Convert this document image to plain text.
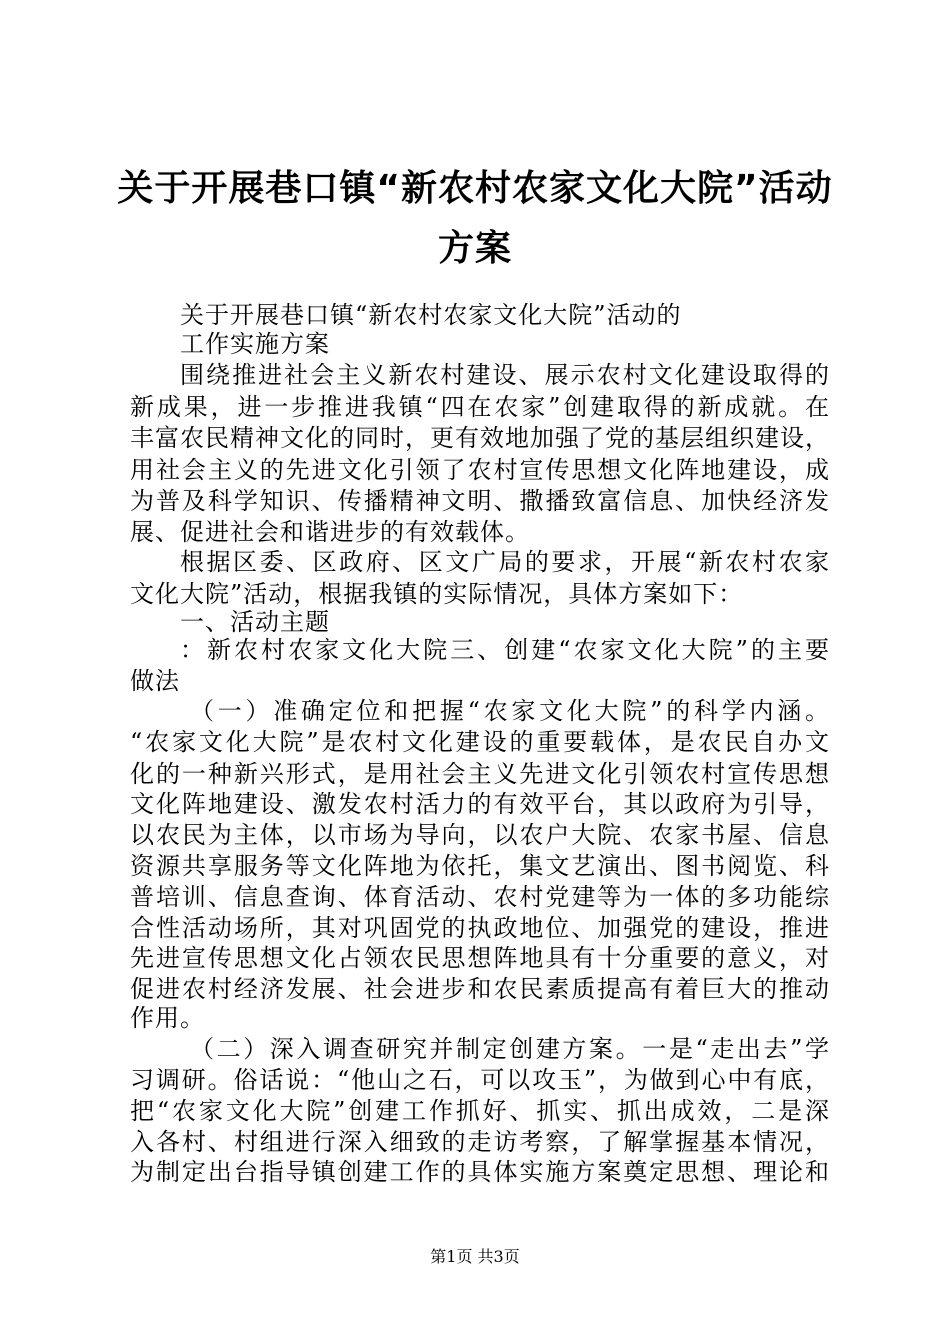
关于开展巷口镇“新农村农家文化大院”活动
方案
关于开展巷口镇“新农村农家文化大院”活动的
工作实施方案
围绕推进社会主义新农村建设、展示农村文化建设取得的
新成果，进一步推进我镇“四在农家”创建取得的新成就。在
丰富农民精神文化的同时，更有效地加强了党的基层组织建设，
用社会主义的先进文化引领了农村宣传思想文化阵地建设，成
为普及科学知识、传播精神文明、撒播致富信息、加快经济发
展、促进社会和谐进步的有效载体。
根据区委、区政府、区文广局的要求，开展“新农村农家
文化大院”活动，根据我镇的实际情况，具体方案如下：
一、活动主题
：新农村农家文化大院三、创建“农家文化大院”的主要
做法
（一）准确定位和把握“农家文化大院”的科学内涵。
“农家文化大院”是农村文化建设的重要载体，是农民自办文
化的一种新兴形式，是用社会主义先进文化引领农村宣传思想
文化阵地建设、激发农村活力的有效平台，其以政府为引导，
以农民为主体，以市场为导向，以农户大院、农家书屋、信息
资源共享服务等文化阵地为依托，集文艺演出、图书阅览、科
普培训、信息查询、体育活动、农村党建等为一体的多功能综
合性活动场所，其对巩固党的执政地位、加强党的建设，推进
先进宣传思想文化占领农民思想阵地具有十分重要的意义，对
促进农村经济发展、社会进步和农民素质提高有着巨大的推动
作用。
（二）深入调查研究并制定创建方案。一是“走出去”学
习调研。俗话说：“他山之石，可以攻玉”，为做到心中有底，
把“农家文化大院”创建工作抓好、抓实、抓出成效，二是深
入各村、村组进行深入细致的走访考察，了解掌握基本情况，
为制定出台指导镇创建工作的具体实施方案奠定思想、理论和
第1页 共3页
